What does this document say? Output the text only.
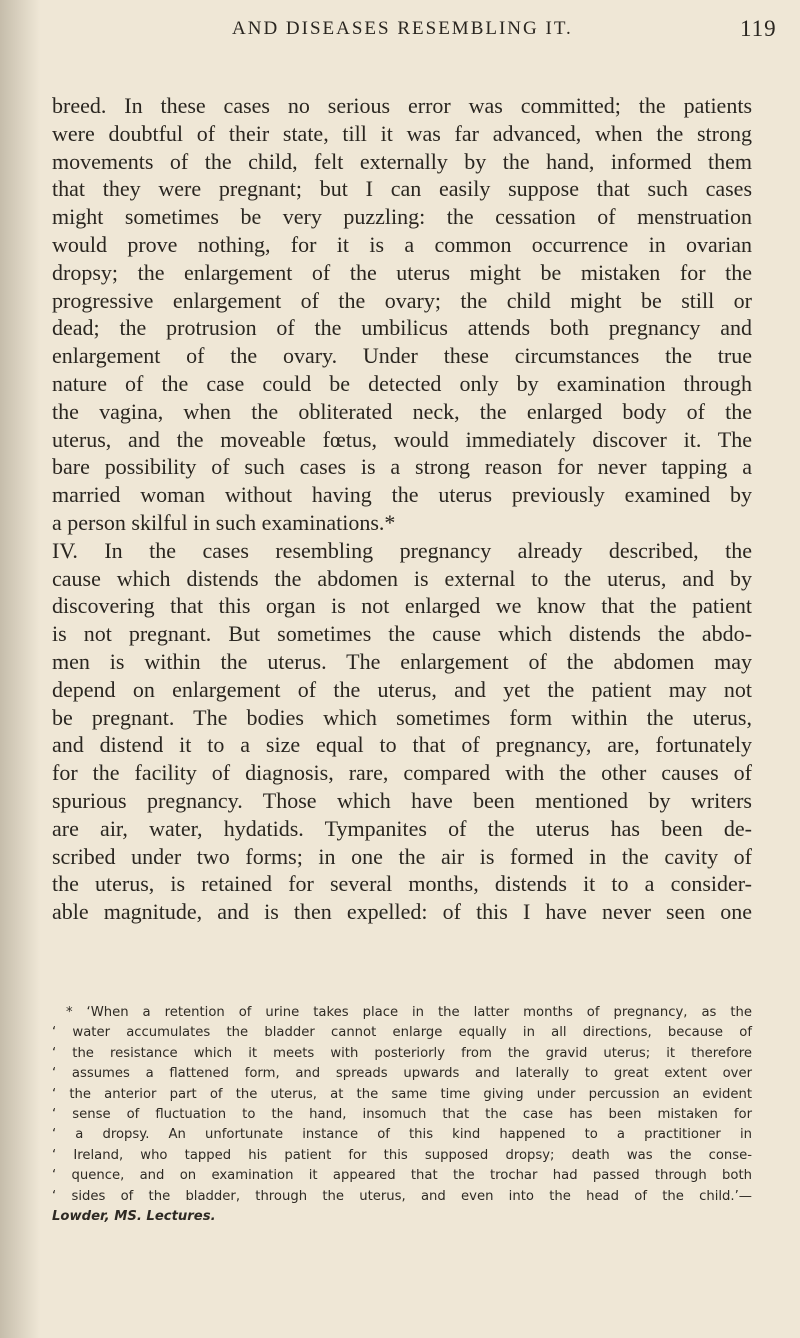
AND DISEASES RESEMBLING IT.	119
breed. In these cases no serious error was committed; the patients
were doubtful of their state, till it was far advanced, when the strong
movements of the child, felt externally by the hand, informed them
that they were pregnant; but I can easily suppose that such cases
might sometimes be very puzzling: the cessation of menstruation
would prove nothing, for it is a common occurrence in ovarian
dropsy; the enlargement of the uterus might be mistaken for the
progressive enlargement of the ovary; the child might be still or
dead; the protrusion of the umbilicus attends both pregnancy and
enlargement of the ovary. Under these circumstances the true
nature of the case could be detected only by examination through
the vagina, when the obliterated neck, the enlarged body of the
uterus, and the moveable fœtus, would immediately discover it. The
bare possibility of such cases is a strong reason for never tapping a
married woman without having the uterus previously examined by
a person skilful in such examinations.*
IV. In the cases resembling pregnancy already described, the
cause which distends the abdomen is external to the uterus, and by
discovering that this organ is not enlarged we know that the patient
is not pregnant. But sometimes the cause which distends the abdo-
men is within the uterus. The enlargement of the abdomen may
depend on enlargement of the uterus, and yet the patient may not
be pregnant. The bodies which sometimes form within the uterus,
and distend it to a size equal to that of pregnancy, are, fortunately
for the facility of diagnosis, rare, compared with the other causes of
spurious pregnancy. Those which have been mentioned by writers
are air, water, hydatids. Tympanites of the uterus has been de-
scribed under two forms; in one the air is formed in the cavity of
the uterus, is retained for several months, distends it to a consider-
able magnitude, and is then expelled: of this I have never seen one
* ‘When a retention of urine takes place in the latter months of pregnancy, as the
‘ water accumulates the bladder cannot enlarge equally in all directions, because of
‘ the resistance which it meets with posteriorly from the gravid uterus; it therefore
‘ assumes a flattened form, and spreads upwards and laterally to great extent over
‘ the anterior part of the uterus, at the same time giving under percussion an evident
‘ sense of fluctuation to the hand, insomuch that the case has been mistaken for
‘ a dropsy. An unfortunate instance of this kind happened to a practitioner in
‘ Ireland, who tapped his patient for this supposed dropsy; death was the conse-
‘ quence, and on examination it appeared that the trochar had passed through both
‘ sides of the bladder, through the uterus, and even into the head of the child.’—
Lowder, MS. Lectures.
